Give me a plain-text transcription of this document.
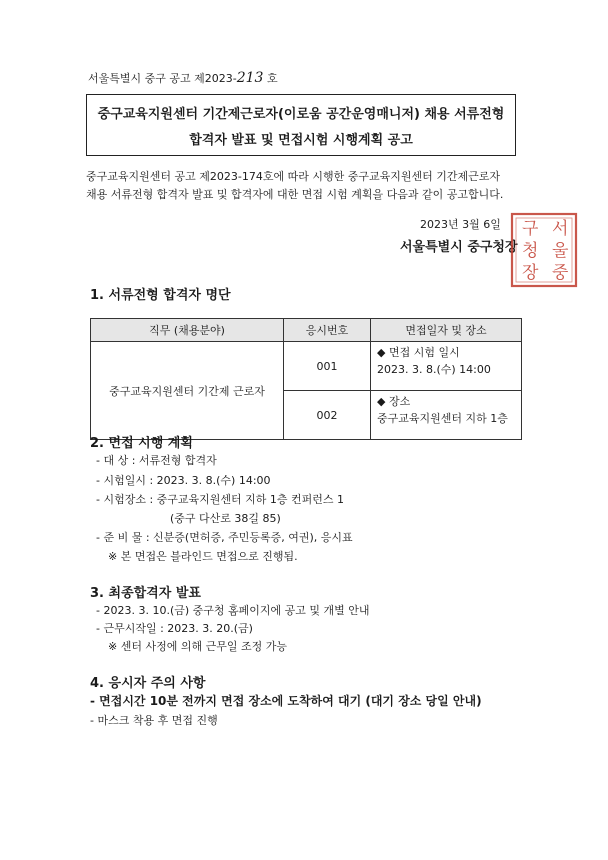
서울특별시 중구 공고 제2023-213 호
중구교육지원센터 기간제근로자(이로움 공간운영매니저) 채용 서류전형
합격자 발표 및 면접시험 시행계획 공고
중구교육지원센터 공고 제2023-174호에 따라 시행한 중구교육지원센터 기간제근로자
채용 서류전형 합격자 발표 및 합격자에 대한 면접 시험 계획을 다음과 같이 공고합니다.
2023년 3월 6일
서울특별시 중구청장
서
울
중
구
청
장
1. 서류전형 합격자 명단
직무 (채용분야)	응시번호	면접일자 및 장소
중구교육지원센터 기간제 근로자	001	◆ 면접 시험 일시
2023. 3. 8.(수) 14:00

	002	◆ 장소
중구교육지원센터 지하 1층
2. 면접 시행 계획
- 대 상 : 서류전형 합격자
- 시험일시 : 2023. 3. 8.(수) 14:00
- 시험장소 : 중구교육지원센터 지하 1층 컨퍼런스 1
(중구 다산로 38길 85)
- 준 비 물 : 신분증(면허증, 주민등록증, 여권), 응시표
※ 본 면접은 블라인드 면접으로 진행됨.
3. 최종합격자 발표
- 2023. 3. 10.(금) 중구청 홈페이지에 공고 및 개별 안내
- 근무시작일 : 2023. 3. 20.(금)
※ 센터 사정에 의해 근무일 조정 가능
4. 응시자 주의 사항
- 면접시간 10분 전까지 면접 장소에 도착하여 대기 (대기 장소 당일 안내)
- 마스크 착용 후 면접 진행
